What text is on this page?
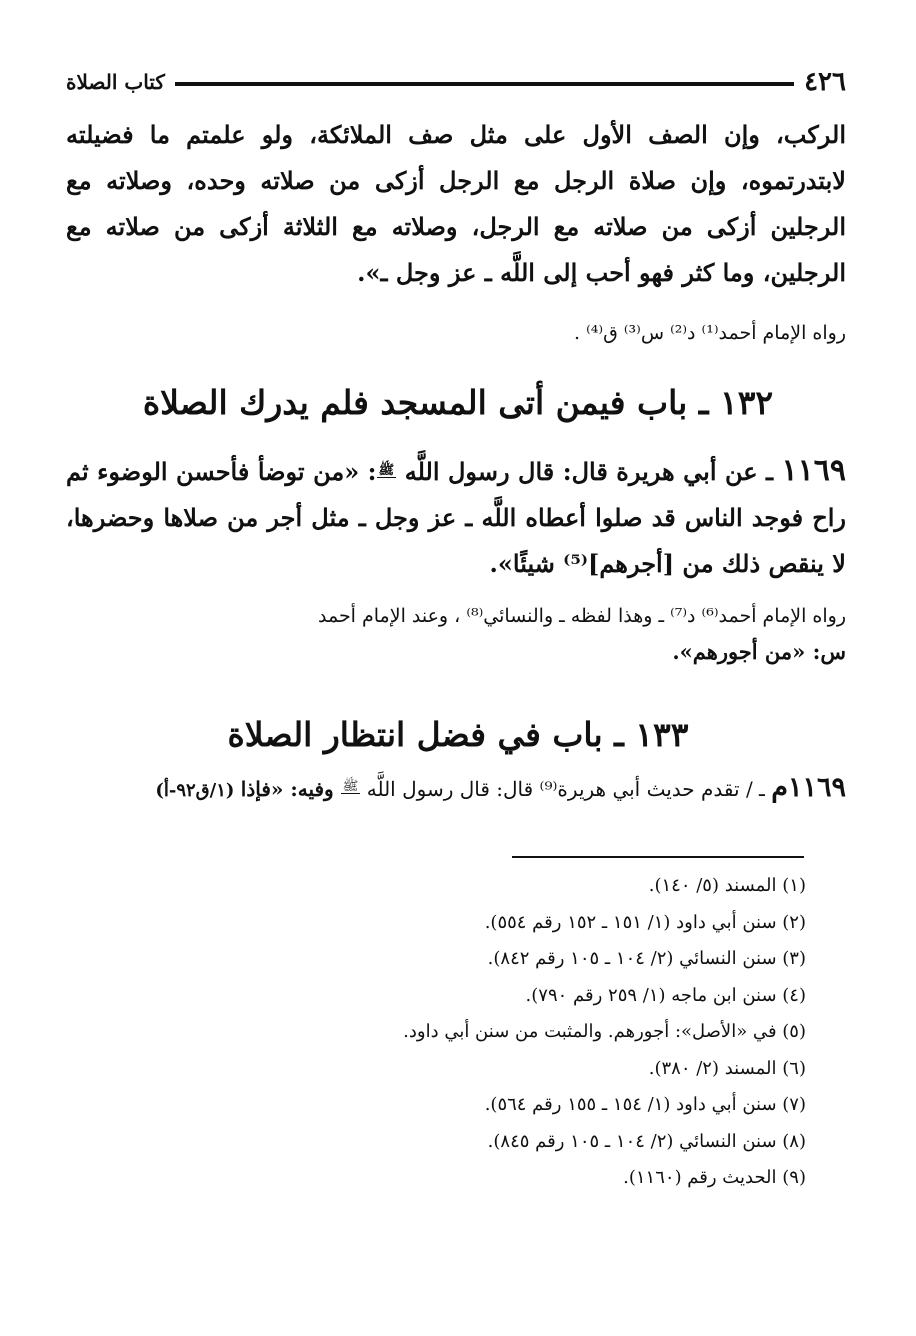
٤٢٦
كتاب الصلاة
الركب، وإن الصف الأول على مثل صف الملائكة، ولو علمتم ما فضيلته لابتدرتموه، وإن صلاة الرجل مع الرجل أزكى من صلاته وحده، وصلاته مع الرجلين أزكى من صلاته مع الرجل، وصلاته مع الثلاثة أزكى من صلاته مع الرجلين، وما كثر فهو أحب إلى اللَّه ـ عز وجل ـ».
رواه الإمام أحمد⁽¹⁾ د⁽²⁾ س⁽³⁾ ق⁽⁴⁾ .
١٣٢ ـ باب فيمن أتى المسجد فلم يدرك الصلاة
١١٦٩ ـ عن أبي هريرة قال: قال رسول اللَّه ﷺ: «من توضأ فأحسن الوضوء ثم راح فوجد الناس قد صلوا أعطاه اللَّه ـ عز وجل ـ مثل أجر من صلاها وحضرها، لا ينقص ذلك من [أجرهم]⁽⁵⁾ شيئًا».
رواه الإمام أحمد⁽⁶⁾ د⁽⁷⁾ ـ وهذا لفظه ـ والنسائي⁽⁸⁾ ، وعند الإمام أحمد
س: «من أجورهم».
١٣٣ ـ باب في فضل انتظار الصلاة
١١٦٩م ـ / تقدم حديث أبي هريرة⁽⁹⁾ قال: قال رسول اللَّه ﷺ وفيه: «فإذا (١/ق٩٢-أ)
(١) المسند (٥/ ١٤٠).
(٢) سنن أبي داود (١/ ١٥١ ـ ١٥٢ رقم ٥٥٤).
(٣) سنن النسائي (٢/ ١٠٤ ـ ١٠٥ رقم ٨٤٢).
(٤) سنن ابن ماجه (١/ ٢٥٩ رقم ٧٩٠).
(٥) في «الأصل»: أجورهم. والمثبت من سنن أبي داود.
(٦) المسند (٢/ ٣٨٠).
(٧) سنن أبي داود (١/ ١٥٤ ـ ١٥٥ رقم ٥٦٤).
(٨) سنن النسائي (٢/ ١٠٤ ـ ١٠٥ رقم ٨٤٥).
(٩) الحديث رقم (١١٦٠).
